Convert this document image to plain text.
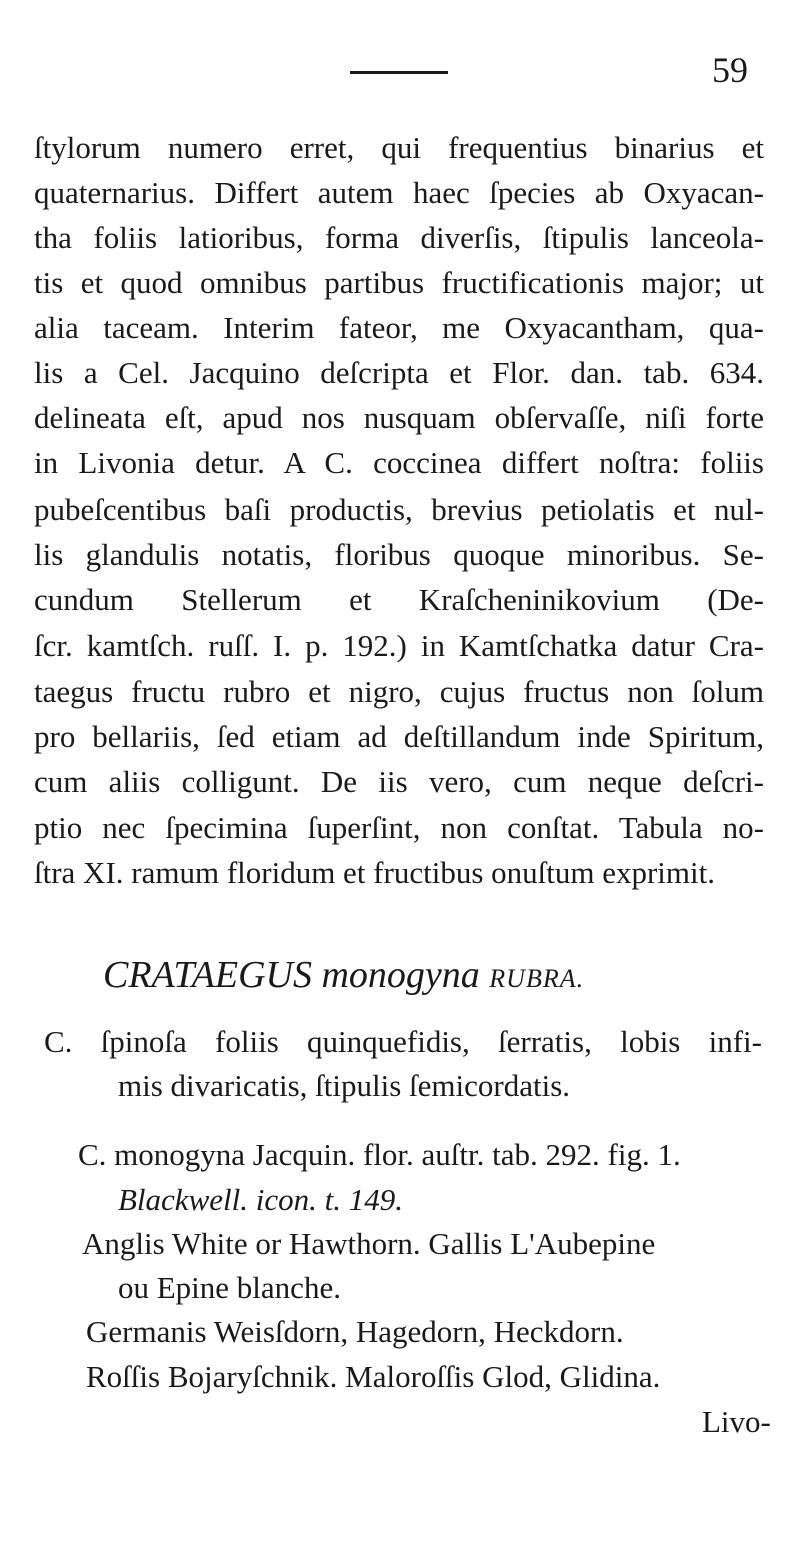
59
ſtylorum numero erret, qui frequentius binarius et
quaternarius. Differt autem haec ſpecies ab Oxyacan-
tha foliis latioribus, forma diverſis, ſtipulis lanceola-
tis et quod omnibus partibus fructificationis major; ut
alia taceam. Interim fateor, me Oxyacantham, qua-
lis a Cel. Jacquino deſcripta et Flor. dan. tab. 634.
delineata eſt, apud nos nusquam obſervaſſe, niſi forte
in Livonia detur. A C. coccinea differt noſtra: foliis
pubeſcentibus baſi productis, brevius petiolatis et nul-
lis glandulis notatis, floribus quoque minoribus. Se-
cundum Stellerum et Kraſcheninikovium (De-
ſcr. kamtſch. ruſſ. I. p. 192.) in Kamtſchatka datur Cra-
taegus fructu rubro et nigro, cujus fructus non ſolum
pro bellariis, ſed etiam ad deſtillandum inde Spiritum,
cum aliis colligunt. De iis vero, cum neque deſcri-
ptio nec ſpecimina ſuperſint, non conſtat. Tabula no-
ſtra XI. ramum floridum et fructibus onuſtum exprimit.
CRATAEGUS monogyna RUBRA.
C. ſpinoſa foliis quinquefidis, ſerratis, lobis infi-
mis divaricatis, ſtipulis ſemicordatis.
C. monogyna Jacquin. flor. auſtr. tab. 292. fig. 1.
Blackwell. icon. t. 149.
Anglis White or Hawthorn. Gallis L'Aubepine
ou Epine blanche.
Germanis Weisſdorn, Hagedorn, Heckdorn.
Roſſis Bojaryſchnik. Maloroſſis Glod, Glidina.
Livo-
